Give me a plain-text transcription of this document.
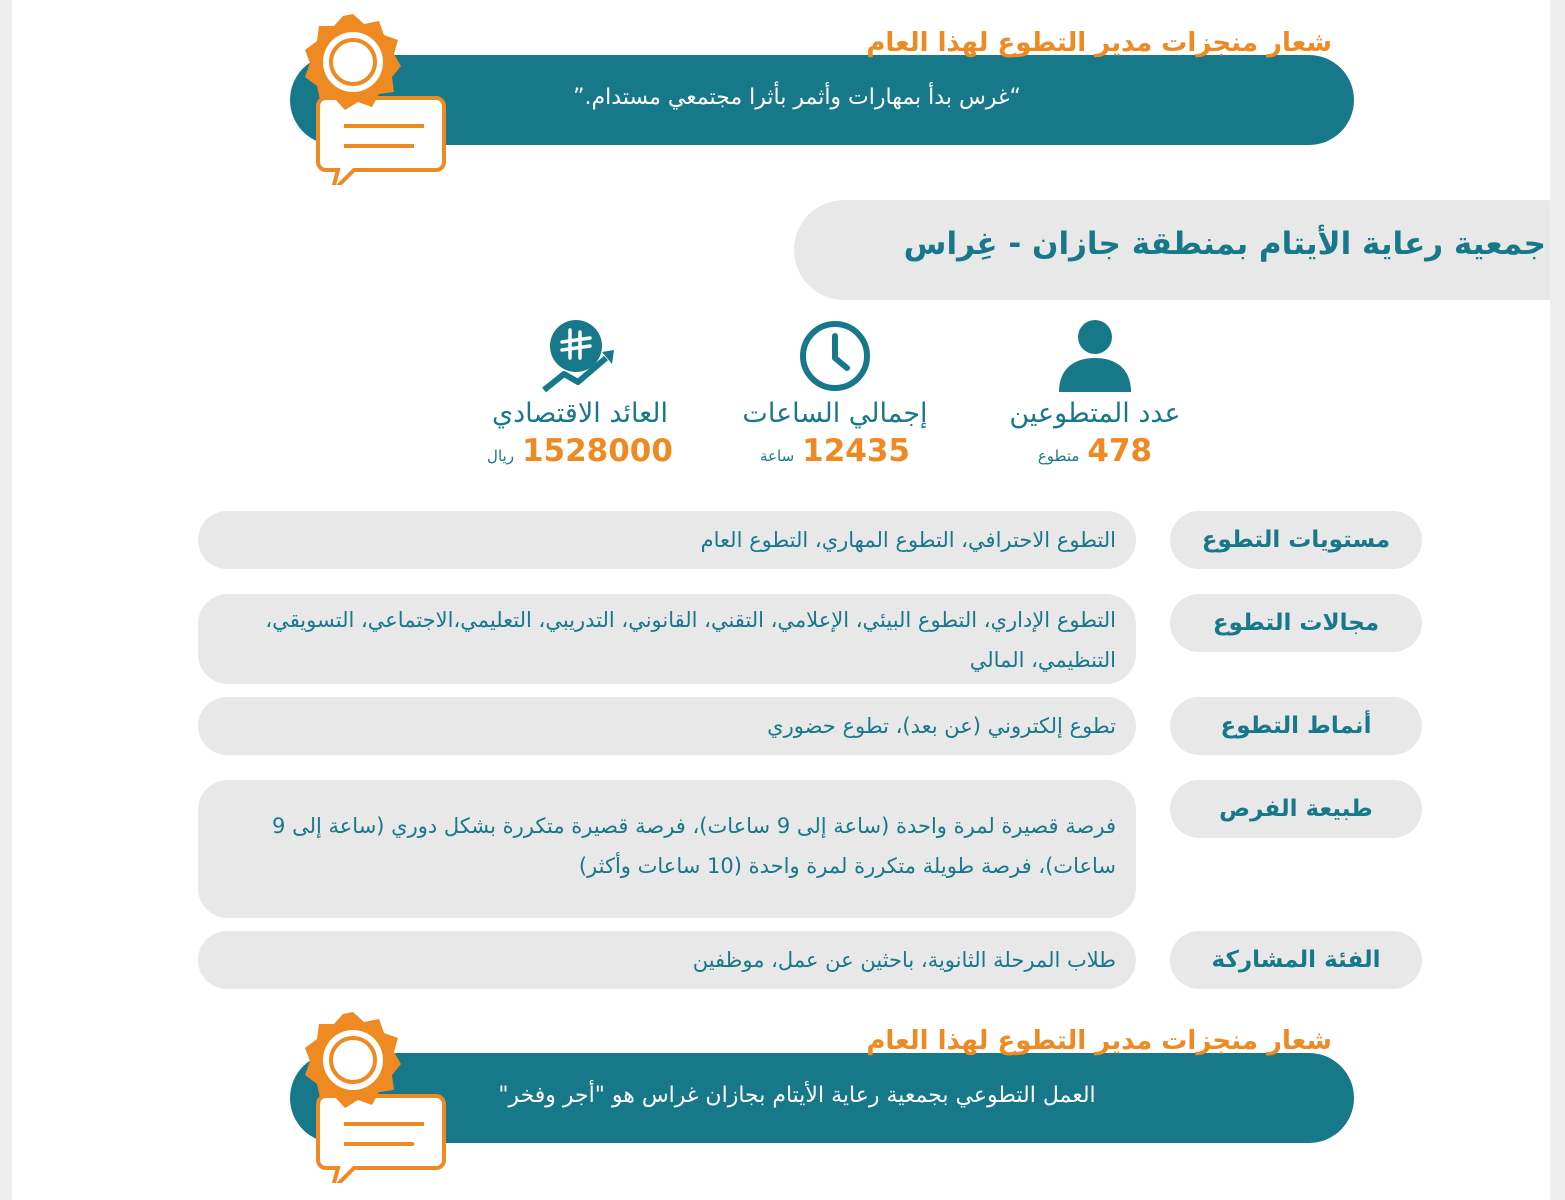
شعار منجزات مدير التطوع لهذا العام
“غرس بدأ بمهارات وأثمر بأثرا مجتمعي مستدام.”
جمعية رعاية الأيتام بمنطقة جازان - غِراس
عدد المتطوعين
478متطوع
إجمالي الساعات
12435ساعة
العائد الاقتصادي
1528000ريال
مستويات التطوع
التطوع الاحترافي، التطوع المهاري، التطوع العام
مجالات التطوع
التطوع الإداري، التطوع البيئي، الإعلامي، التقني، القانوني، التدريبي، التعليمي،الاجتماعي، التسويقي، التنظيمي، المالي
أنماط التطوع
تطوع إلكتروني (عن بعد)، تطوع حضوري
طبيعة الفرص
فرصة قصيرة لمرة واحدة (ساعة إلى 9 ساعات)، فرصة قصيرة متكررة بشكل دوري (ساعة إلى 9 ساعات)، فرصة طويلة متكررة لمرة واحدة (10 ساعات وأكثر)
الفئة المشاركة
طلاب المرحلة الثانوية، باحثين عن عمل، موظفين
شعار منجزات مدير التطوع لهذا العام
العمل التطوعي بجمعية رعاية الأيتام بجازان غراس هو "أجر وفخر"
